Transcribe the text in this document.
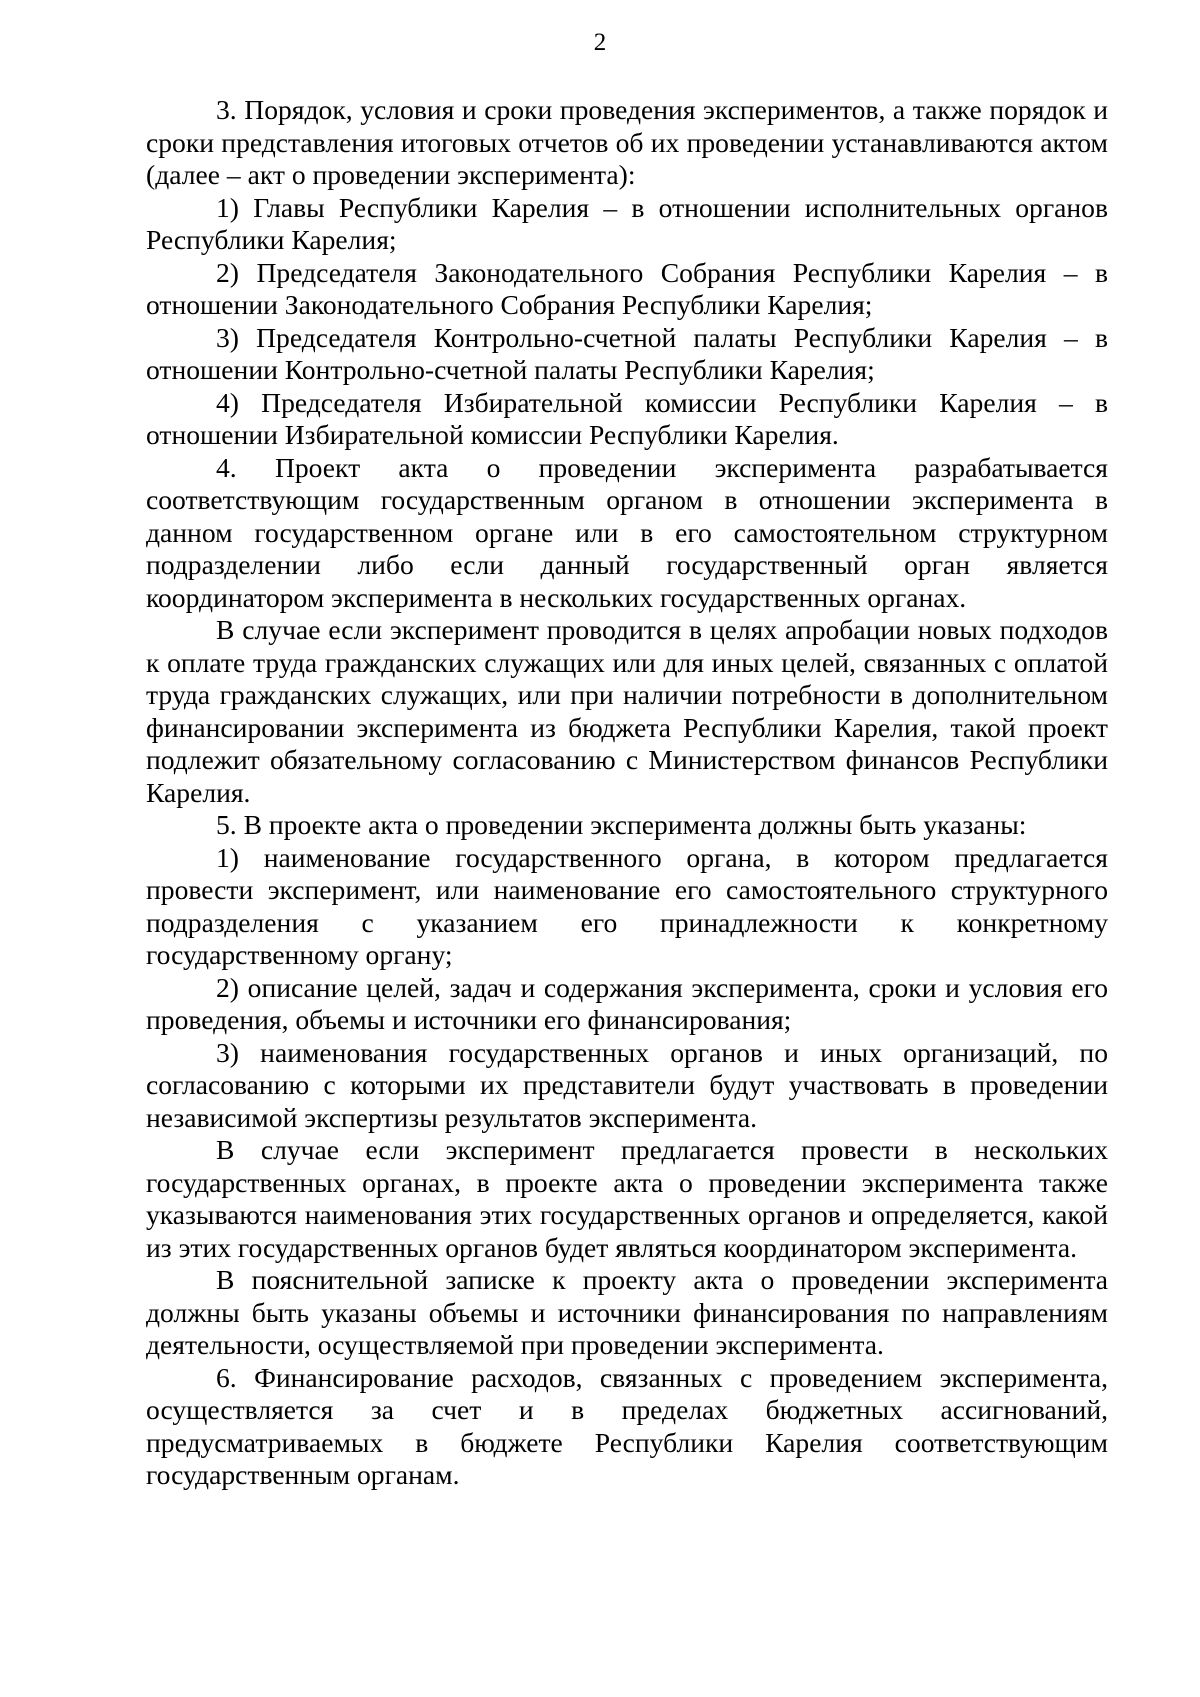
2

3. Порядок, условия и сроки проведения экспериментов, а также порядок и сроки представления итоговых отчетов об их проведении устанавливаются актом (далее – акт о проведении эксперимента):

1) Главы Республики Карелия – в отношении исполнительных органов Республики Карелия;

2) Председателя Законодательного Собрания Республики Карелия – в отношении Законодательного Собрания Республики Карелия;

3) Председателя Контрольно-счетной палаты Республики Карелия – в отношении Контрольно-счетной палаты Республики Карелия;

4) Председателя Избирательной комиссии Республики Карелия – в отношении Избирательной комиссии Республики Карелия.

4. Проект акта о проведении эксперимента разрабатывается соответствующим государственным органом в отношении эксперимента в данном государственном органе или в его самостоятельном структурном подразделении либо если данный государственный орган является координатором эксперимента в нескольких государственных органах.

В случае если эксперимент проводится в целях апробации новых подходов к оплате труда гражданских служащих или для иных целей, связанных с оплатой труда гражданских служащих, или при наличии потребности в дополнительном финансировании эксперимента из бюджета Республики Карелия, такой проект подлежит обязательному согласованию с Министерством финансов Республики Карелия.

5. В проекте акта о проведении эксперимента должны быть указаны:

1) наименование государственного органа, в котором предлагается провести эксперимент, или наименование его самостоятельного структурного подразделения с указанием его принадлежности к конкретному государственному органу;

2) описание целей, задач и содержания эксперимента, сроки и условия его проведения, объемы и источники его финансирования;

3) наименования государственных органов и иных организаций, по согласованию с которыми их представители будут участвовать в проведении независимой экспертизы результатов эксперимента.

В случае если эксперимент предлагается провести в нескольких государственных органах, в проекте акта о проведении эксперимента также указываются наименования этих государственных органов и определяется, какой из этих государственных органов будет являться координатором эксперимента.

В пояснительной записке к проекту акта о проведении эксперимента должны быть указаны объемы и источники финансирования по направлениям деятельности, осуществляемой при проведении эксперимента.

6. Финансирование расходов, связанных с проведением эксперимента, осуществляется за счет и в пределах бюджетных ассигнований, предусматриваемых в бюджете Республики Карелия соответствующим государственным органам.
